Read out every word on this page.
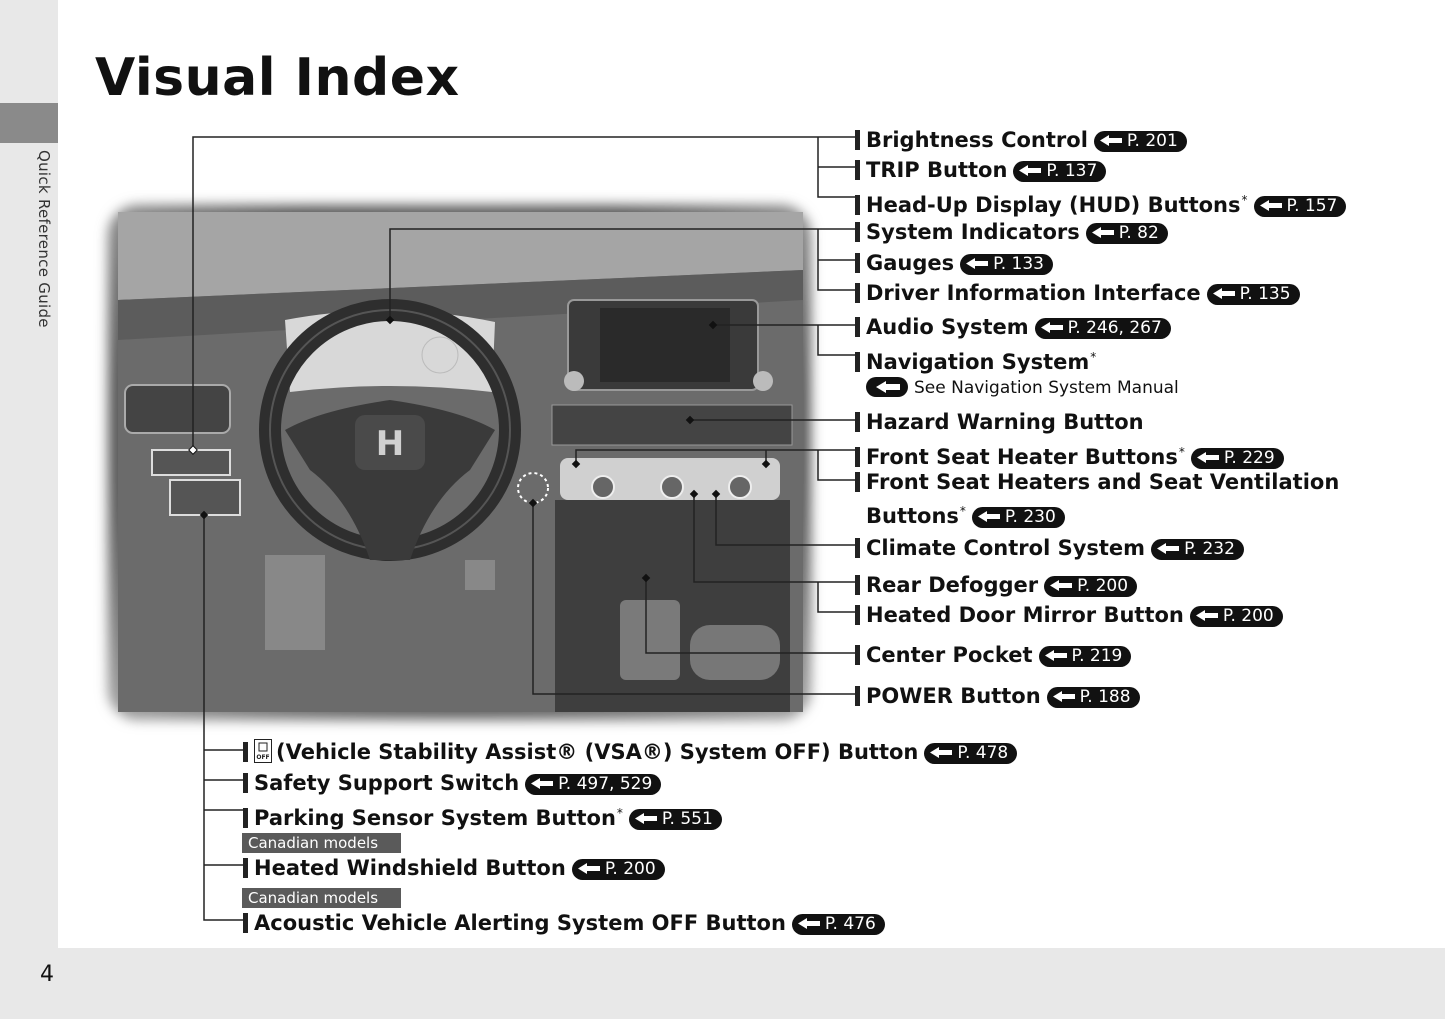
Quick Reference Guide
4
Visual Index
H
Brightness Control P. 201
TRIP Button P. 137
Head-Up Display (HUD) Buttons* P. 157
System Indicators P. 82
Gauges P. 133
Driver Information Interface P. 135
Audio System P. 246, 267
Navigation System*
See Navigation System Manual
Hazard Warning Button
Front Seat Heater Buttons* P. 229
Front Seat Heaters and Seat Ventilation
Buttons* P. 230
Climate Control System P. 232
Rear Defogger P. 200
Heated Door Mirror Button P. 200
Center Pocket P. 219
POWER Button P. 188
OFF (Vehicle Stability Assist® (VSA®) System OFF) Button P. 478
Safety Support Switch P. 497, 529
Parking Sensor System Button* P. 551
Canadian models
Heated Windshield Button P. 200
Canadian models
Acoustic Vehicle Alerting System OFF Button P. 476
